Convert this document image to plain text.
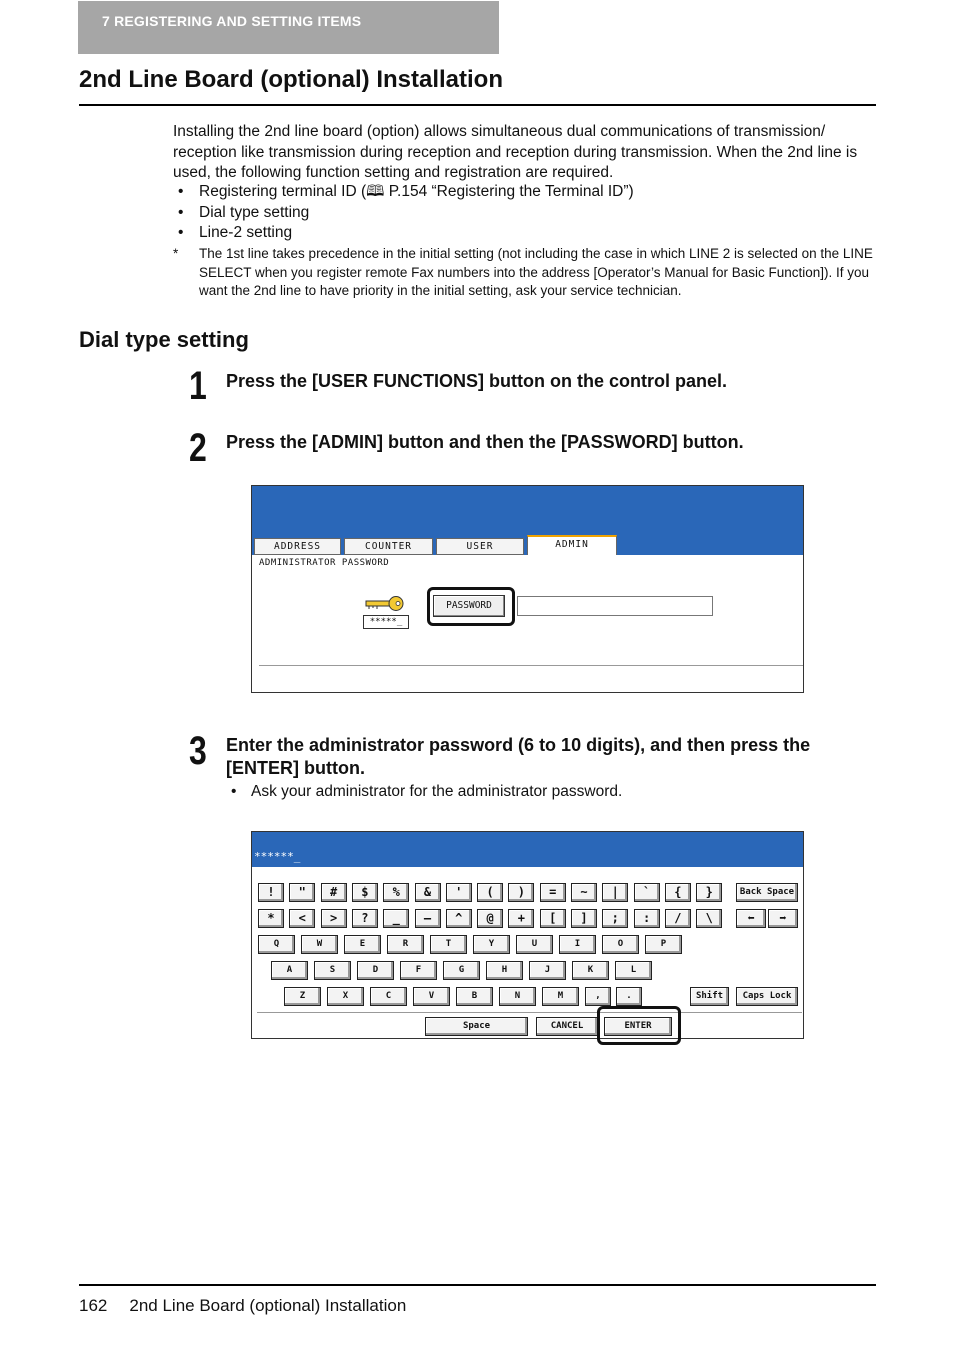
7 REGISTERING AND SETTING ITEMS
2nd Line Board (optional) Installation

Installing the 2nd line board (option) allows simultaneous dual communications of transmission/ reception like transmission during reception and reception during transmission. When the 2nd line is used, the following function setting and registration are required.

• Registering terminal ID (🕮 P.154 “Registering the Terminal ID”)
• Dial type setting
• Line-2 setting
* The 1st line takes precedence in the initial setting (not including the case in which LINE 2 is selected on the LINE SELECT when you register remote Fax numbers into the address [Operator’s Manual for Basic Function]). If you want the 2nd line to have priority in the initial setting, ask your service technician.
Dial type setting
1 Press the [USER FUNCTIONS] button on the control panel.
2 Press the [ADMIN] button and then the [PASSWORD] button.
ADDRESS	COUNTER	USER	ADMIN
ADMINISTRATOR PASSWORD
*****_
PASSWORD
3 Enter the administrator password (6 to 10 digits), and then press the [ENTER] button.
• Ask your administrator for the administrator password.
******_
!	"	#	$	%	&	'	(	)	=	~	|	`	{	}
*	<	>	?	_	—	^	@	+	[	]	;	:	/	\
Q	W	E	R	T	Y	U	I	O	P
A	S	D	F	G	H	J	K	L
Z	X	C	V	B	N	M	,	.
Back Space
⬅	➡
Shift	Caps Lock
Space	CANCEL	ENTER
162 2nd Line Board (optional) Installation
